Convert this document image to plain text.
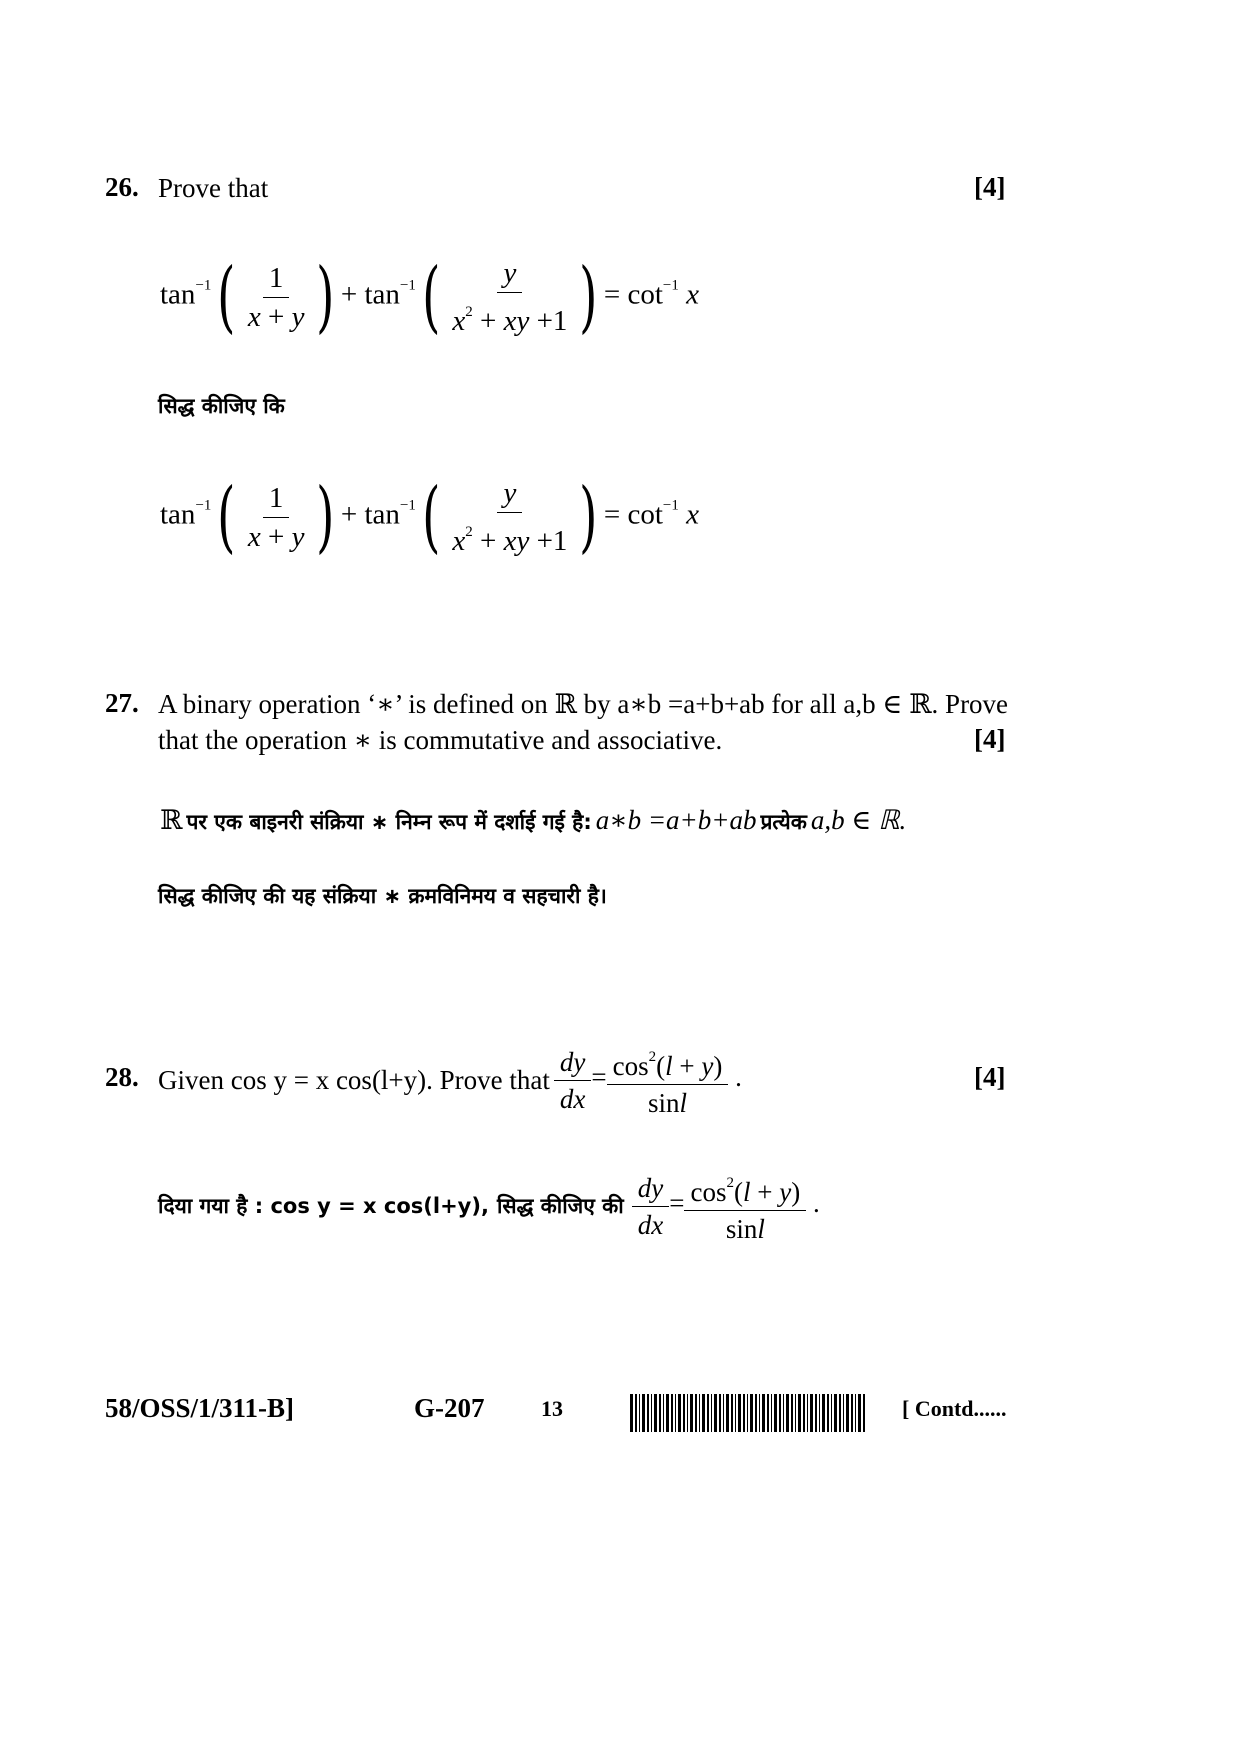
26. Prove that	[4]
$\tan^{-1}( \frac{1}{x + y}$ ) + $\tan^{-1}( \frac{y}{x^2 + xy +1}$ ) = $\cot^{-1} x$
सिद्ध कीजिए कि
$\tan^{-1}( \frac{1}{x + y}$ ) + $\tan^{-1}( \frac{y}{x^2 + xy +1}$ ) = $\cot^{-1} x$
27. A binary operation ‘∗’ is defined on ℝ by a∗b =a+b+ab for all a,b ∈ ℝ. Prove
that the operation ∗ is commutative and associative.	[4]
ℝ पर एक बाइनरी संक्रिया ∗ निम्न रूप में दर्शाई गई है: a∗b =a+b+ab प्रत्येक a,b ∈ ℝ.
सिद्ध कीजिए की यह संक्रिया ∗ क्रमविनिमय व सहचारी है।
28. Given cos y = x cos(l+y). Prove that $\frac{dy}{dx} = \frac{\cos^2(l + y)}{\sin l}$ .	[4]
दिया गया है : cos y = x cos(l+y), सिद्ध कीजिए की $\frac{dy}{dx} = \frac{\cos^2(l + y)}{\sin l}$ .
58/OSS/1/311-B]	G-207	13	[ Contd......
